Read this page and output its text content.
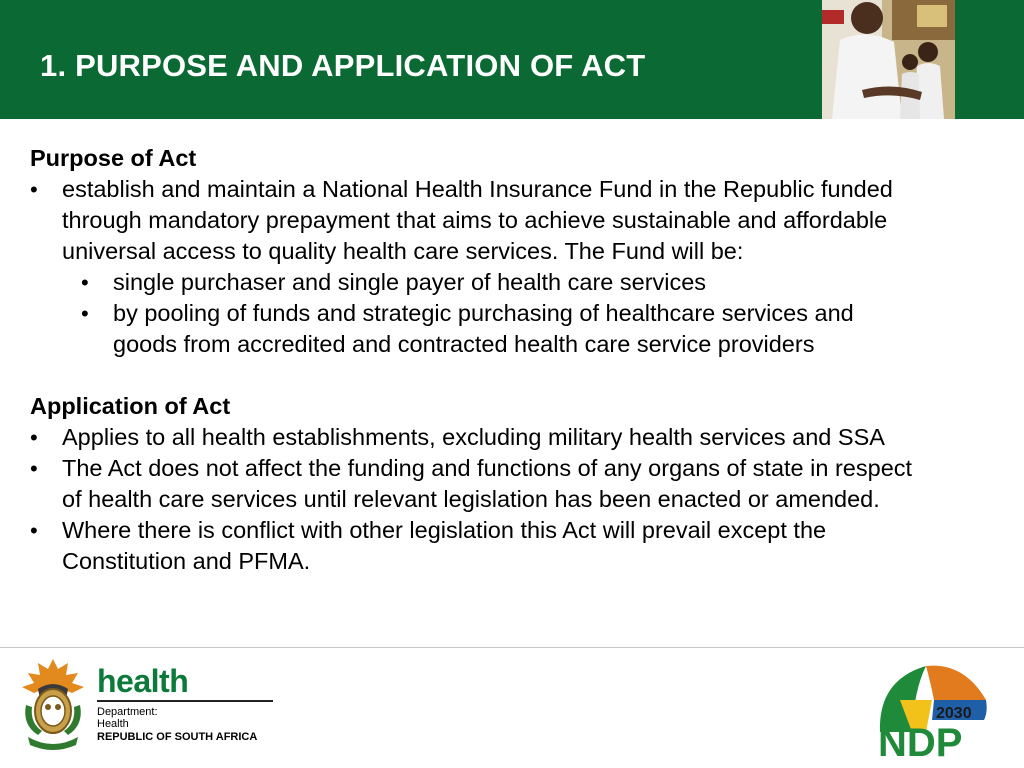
1. PURPOSE AND APPLICATION OF ACT
Purpose of Act
• establish and maintain a National Health Insurance Fund in the Republic funded
through mandatory prepayment that aims to achieve sustainable and affordable
universal access to quality health care services. The Fund will be:
• single purchaser and single payer of health care services
• by pooling of funds and strategic purchasing of healthcare services and
goods from accredited and contracted health care service providers
Application of Act
• Applies to all health establishments, excluding military health services and SSA
• The Act does not affect the funding and functions of any organs of state in respect
of health care services until relevant legislation has been enacted or amended.
• Where there is conflict with other legislation this Act will prevail except the
Constitution and PFMA.
health
Department:
Health
REPUBLIC OF SOUTH AFRICA
2030
NDP
